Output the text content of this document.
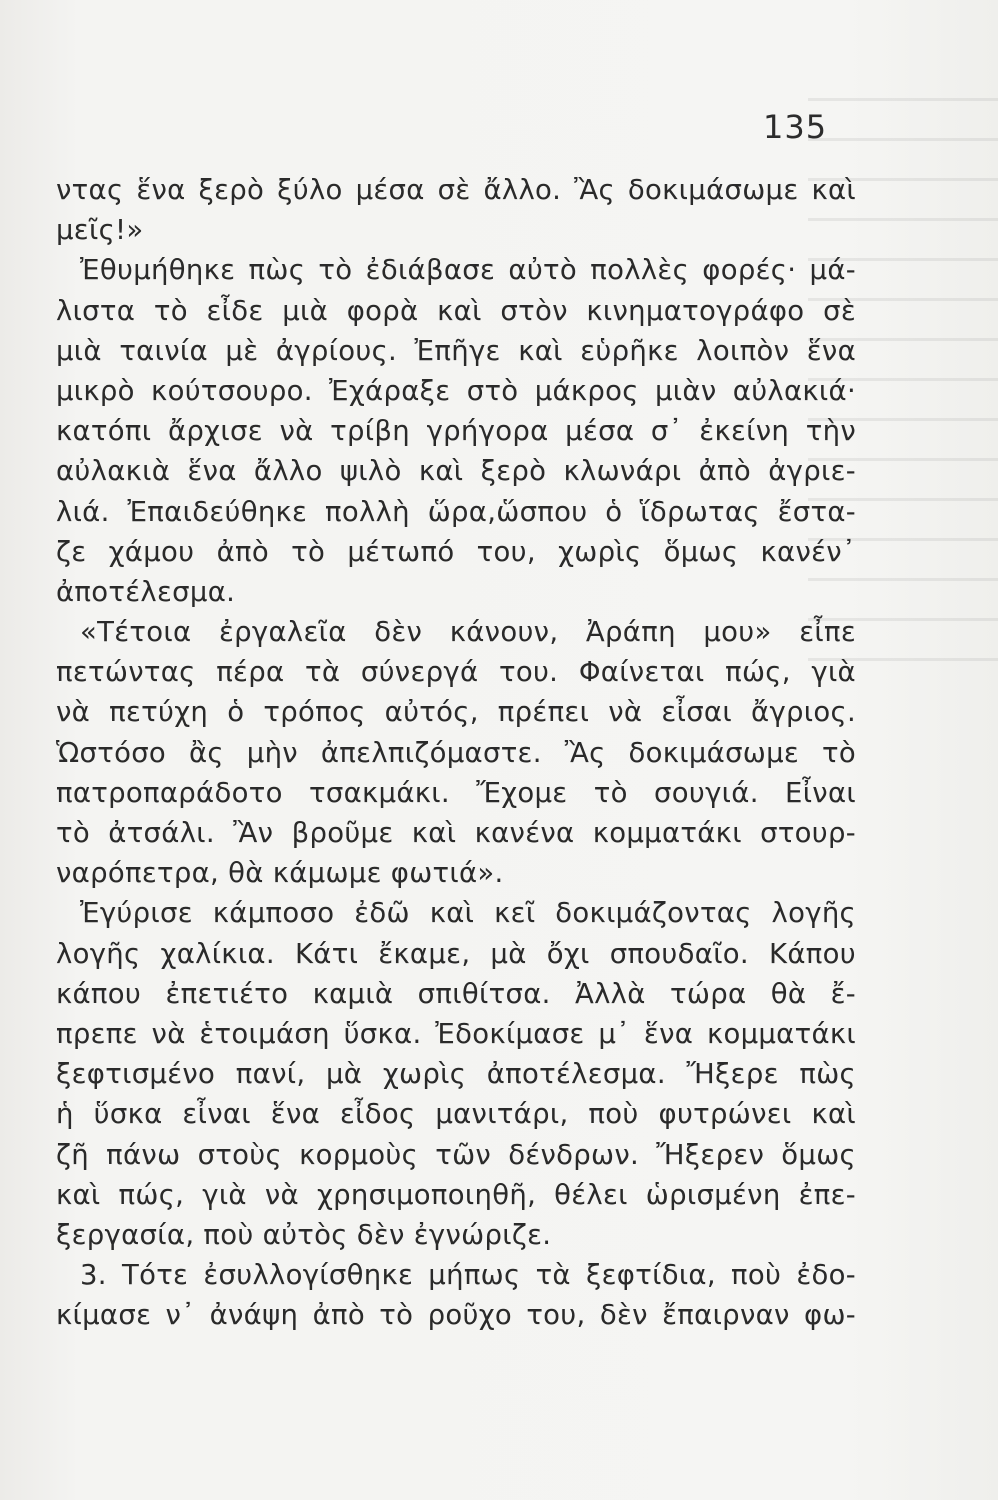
135
ντας ἕνα ξερὸ ξύλο μέσα σὲ ἄλλο. Ἂς δοκιμάσωμε καὶ
μεῖς!»
Ἐθυμήθηκε πὼς τὸ ἐδιάβασε αὐτὸ πολλὲς φορές· μά-
λιστα τὸ εἶδε μιὰ φορὰ καὶ στὸν κινηματογράφο σὲ
μιὰ ταινία μὲ ἀγρίους. Ἐπῆγε καὶ εὑρῆκε λοιπὸν ἕνα
μικρὸ κούτσουρο. Ἐχάραξε στὸ μάκρος μιὰν αὐλακιά·
κατόπι ἄρχισε νὰ τρίβη γρήγορα μέσα σ᾽ ἐκείνη τὴν
αὐλακιὰ ἕνα ἄλλο ψιλὸ καὶ ξερὸ κλωνάρι ἀπὸ ἀγριε-
λιά. Ἐπαιδεύθηκε πολλὴ ὥρα,ὥσπου ὁ ἵδρωτας ἔστα-
ζε χάμου ἀπὸ τὸ μέτωπό του, χωρὶς ὅμως κανέν᾽
ἀποτέλεσμα.
«Τέτοια ἐργαλεῖα δὲν κάνουν, Ἀράπη μου» εἶπε
πετώντας πέρα τὰ σύνεργά του. Φαίνεται πώς, γιὰ
νὰ πετύχη ὁ τρόπος αὐτός, πρέπει νὰ εἶσαι ἄγριος.
Ὡστόσο ἂς μὴν ἀπελπιζόμαστε. Ἂς δοκιμάσωμε τὸ
πατροπαράδοτο τσακμάκι. Ἔχομε τὸ σουγιά. Εἶναι
τὸ ἀτσάλι. Ἂν βροῦμε καὶ κανένα κομματάκι στουρ-
ναρόπετρα, θὰ κάμωμε φωτιά».
Ἐγύρισε κάμποσο ἐδῶ καὶ κεῖ δοκιμάζοντας λογῆς
λογῆς χαλίκια. Κάτι ἔκαμε, μὰ ὄχι σπουδαῖο. Κάπου
κάπου ἐπετιέτο καμιὰ σπιθίτσα. Ἀλλὰ τώρα θὰ ἔ-
πρεπε νὰ ἑτοιμάση ὕσκα. Ἐδοκίμασε μ᾽ ἕνα κομματάκι
ξεφτισμένο πανί, μὰ χωρὶς ἀποτέλεσμα. Ἤξερε πὼς
ἡ ὕσκα εἶναι ἕνα εἶδος μανιτάρι, ποὺ φυτρώνει καὶ
ζῆ πάνω στοὺς κορμοὺς τῶν δένδρων. Ἤξερεν ὅμως
καὶ πώς, γιὰ νὰ χρησιμοποιηθῆ, θέλει ὡρισμένη ἐπε-
ξεργασία, ποὺ αὐτὸς δὲν ἐγνώριζε.
3. Τότε ἐσυλλογίσθηκε μήπως τὰ ξεφτίδια, ποὺ ἐδο-
κίμασε ν᾽ ἀνάψη ἀπὸ τὸ ροῦχο του, δὲν ἔπαιρναν φω-
